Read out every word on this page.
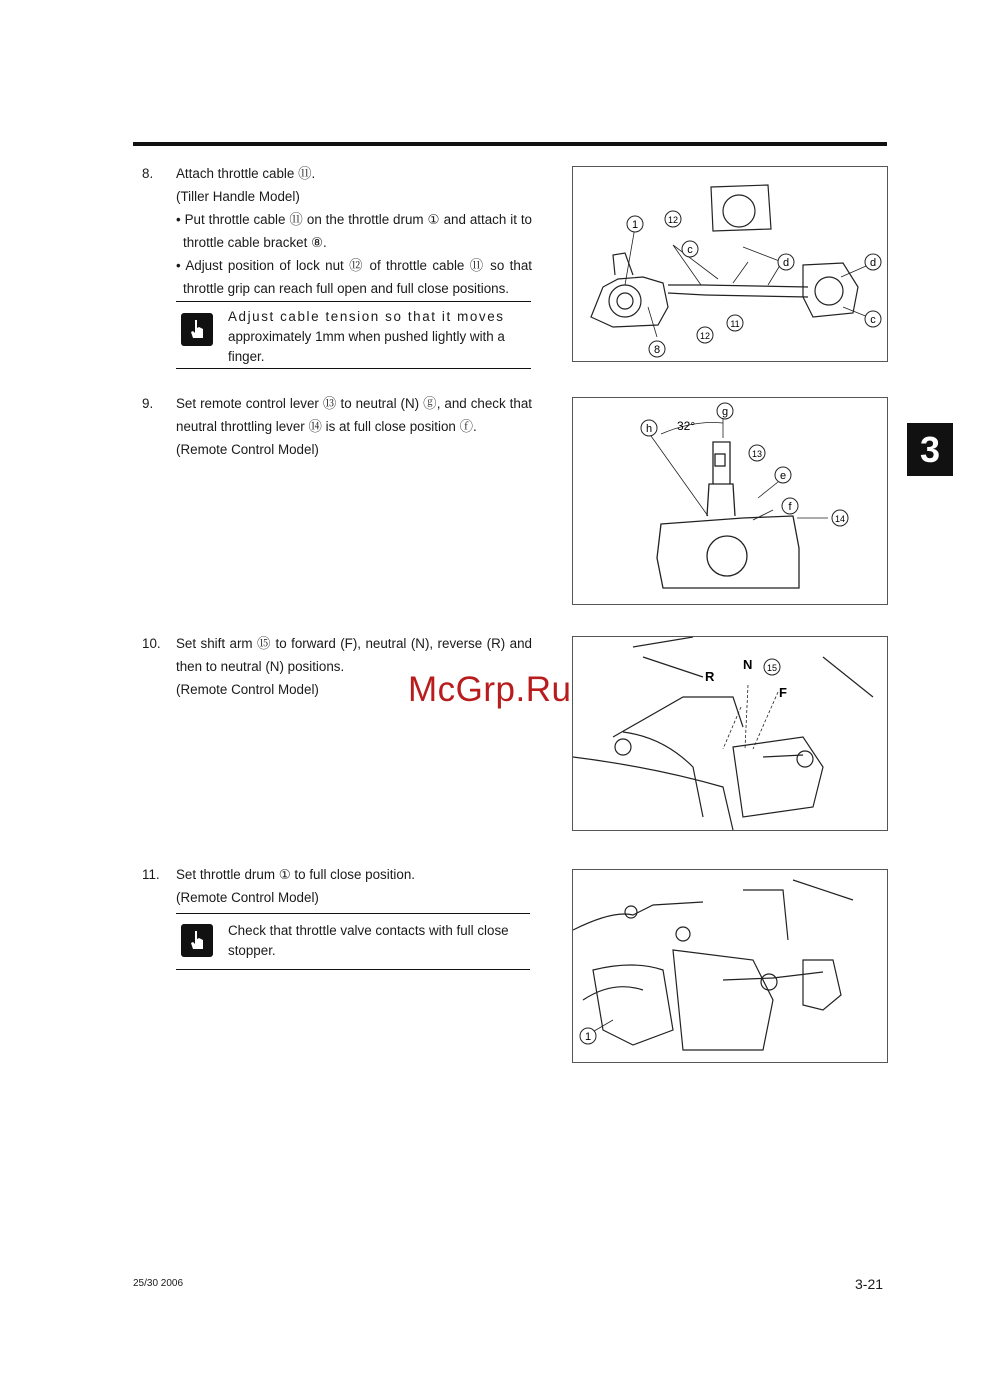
3
8. Attach throttle cable ⑪.
(Tiller Handle Model)
• Put throttle cable ⑪ on the throttle drum ① and attach it to
throttle cable bracket ⑧.
• Adjust position of lock nut ⑫ of throttle cable ⑪ so that
throttle grip can reach full open and full close positions.
Adjust cable tension so that it moves
approximately 1mm when pushed lightly with a
finger.
9. Set remote control lever ⑬ to neutral (N) ⓖ, and check that
neutral throttling lever ⑭ is at full close position ⓕ.
(Remote Control Model)
10. Set shift arm ⑮ to forward (F), neutral (N), reverse (R) and
then to neutral (N) positions.
(Remote Control Model)
11. Set throttle drum ① to full close position.
(Remote Control Model)
Check that throttle valve contacts with full close
stopper.
1	12
c
d	d
c
8
12
11
32°
g
h
13
e
f
14
R
N
F
15
1
McGrp.Ru
25/30 2006	3-21
